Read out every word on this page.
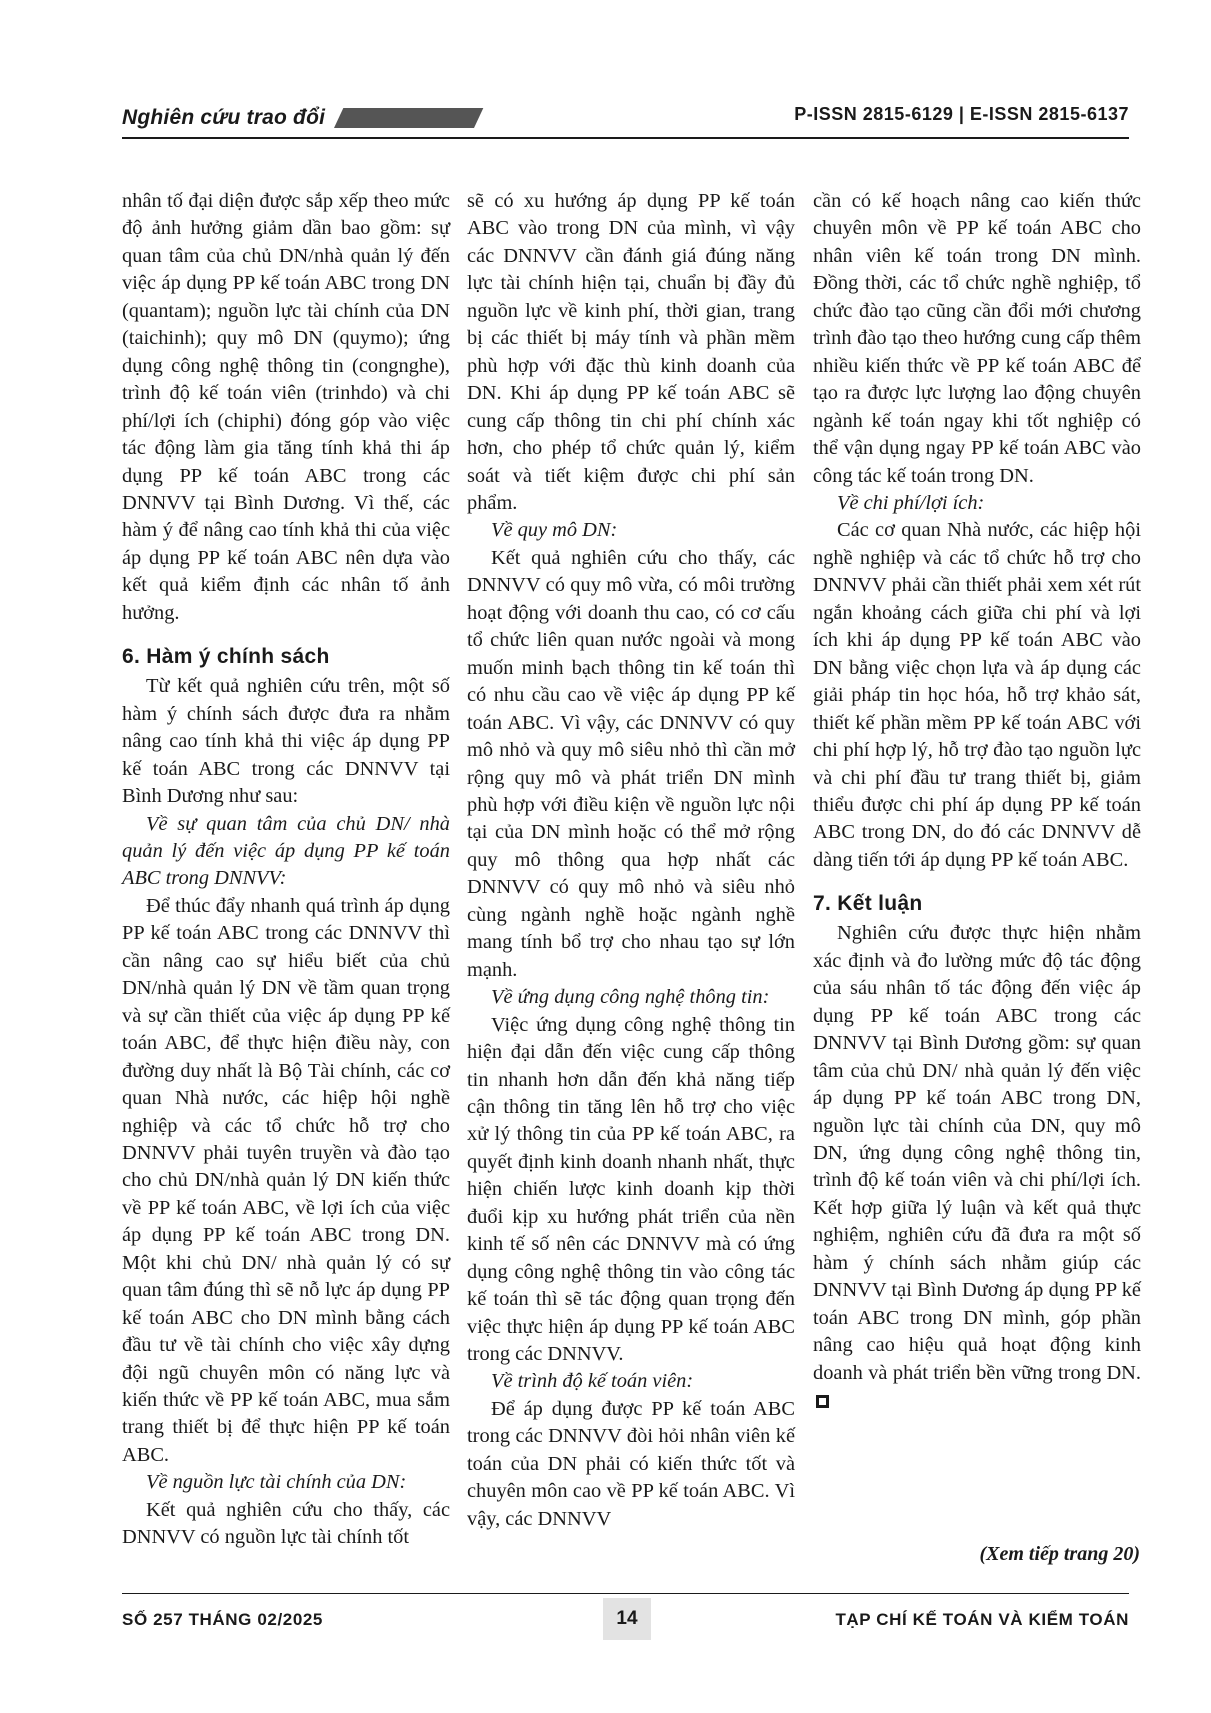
Nghiên cứu trao đổi	P-ISSN 2815-6129 | E-ISSN 2815-6137

nhân tố đại diện được sắp xếp theo mức độ ảnh hưởng giảm dần bao gồm: sự quan tâm của chủ DN/nhà quản lý đến việc áp dụng PP kế toán ABC trong DN (quantam); nguồn lực tài chính của DN (taichinh); quy mô DN (quymo); ứng dụng công nghệ thông tin (congnghe), trình độ kế toán viên (trinhdo) và chi phí/lợi ích (chiphi) đóng góp vào việc tác động làm gia tăng tính khả thi áp dụng PP kế toán ABC trong các DNNVV tại Bình Dương. Vì thế, các hàm ý để nâng cao tính khả thi của việc áp dụng PP kế toán ABC nên dựa vào kết quả kiểm định các nhân tố ảnh hưởng.

6. Hàm ý chính sách

Từ kết quả nghiên cứu trên, một số hàm ý chính sách được đưa ra nhằm nâng cao tính khả thi việc áp dụng PP kế toán ABC trong các DNNVV tại Bình Dương như sau:

Về sự quan tâm của chủ DN/ nhà quản lý đến việc áp dụng PP kế toán ABC trong DNNVV:

Để thúc đẩy nhanh quá trình áp dụng PP kế toán ABC trong các DNNVV thì cần nâng cao sự hiểu biết của chủ DN/nhà quản lý DN về tầm quan trọng và sự cần thiết của việc áp dụng PP kế toán ABC, để thực hiện điều này, con đường duy nhất là Bộ Tài chính, các cơ quan Nhà nước, các hiệp hội nghề nghiệp và các tổ chức hỗ trợ cho DNNVV phải tuyên truyền và đào tạo cho chủ DN/nhà quản lý DN kiến thức về PP kế toán ABC, về lợi ích của việc áp dụng PP kế toán ABC trong DN. Một khi chủ DN/ nhà quản lý có sự quan tâm đúng thì sẽ nỗ lực áp dụng PP kế toán ABC cho DN mình bằng cách đầu tư về tài chính cho việc xây dựng đội ngũ chuyên môn có năng lực và kiến thức về PP kế toán ABC, mua sắm trang thiết bị để thực hiện PP kế toán ABC.

Về nguồn lực tài chính của DN:

Kết quả nghiên cứu cho thấy, các DNNVV có nguồn lực tài chính tốt

sẽ có xu hướng áp dụng PP kế toán ABC vào trong DN của mình, vì vậy các DNNVV cần đánh giá đúng năng lực tài chính hiện tại, chuẩn bị đầy đủ nguồn lực về kinh phí, thời gian, trang bị các thiết bị máy tính và phần mềm phù hợp với đặc thù kinh doanh của DN. Khi áp dụng PP kế toán ABC sẽ cung cấp thông tin chi phí chính xác hơn, cho phép tổ chức quản lý, kiểm soát và tiết kiệm được chi phí sản phẩm.

Về quy mô DN:

Kết quả nghiên cứu cho thấy, các DNNVV có quy mô vừa, có môi trường hoạt động với doanh thu cao, có cơ cấu tổ chức liên quan nước ngoài và mong muốn minh bạch thông tin kế toán thì có nhu cầu cao về việc áp dụng PP kế toán ABC. Vì vậy, các DNNVV có quy mô nhỏ và quy mô siêu nhỏ thì cần mở rộng quy mô và phát triển DN mình phù hợp với điều kiện về nguồn lực nội tại của DN mình hoặc có thể mở rộng quy mô thông qua hợp nhất các DNNVV có quy mô nhỏ và siêu nhỏ cùng ngành nghề hoặc ngành nghề mang tính bổ trợ cho nhau tạo sự lớn mạnh.

Về ứng dụng công nghệ thông tin:

Việc ứng dụng công nghệ thông tin hiện đại dẫn đến việc cung cấp thông tin nhanh hơn dẫn đến khả năng tiếp cận thông tin tăng lên hỗ trợ cho việc xử lý thông tin của PP kế toán ABC, ra quyết định kinh doanh nhanh nhất, thực hiện chiến lược kinh doanh kịp thời đuổi kịp xu hướng phát triển của nền kinh tế số nên các DNNVV mà có ứng dụng công nghệ thông tin vào công tác kế toán thì sẽ tác động quan trọng đến việc thực hiện áp dụng PP kế toán ABC trong các DNNVV.

Về trình độ kế toán viên:

Để áp dụng được PP kế toán ABC trong các DNNVV đòi hỏi nhân viên kế toán của DN phải có kiến thức tốt và chuyên môn cao về PP kế toán ABC. Vì vậy, các DNNVV

cần có kế hoạch nâng cao kiến thức chuyên môn về PP kế toán ABC cho nhân viên kế toán trong DN mình. Đồng thời, các tổ chức nghề nghiệp, tổ chức đào tạo cũng cần đổi mới chương trình đào tạo theo hướng cung cấp thêm nhiều kiến thức về PP kế toán ABC để tạo ra được lực lượng lao động chuyên ngành kế toán ngay khi tốt nghiệp có thể vận dụng ngay PP kế toán ABC vào công tác kế toán trong DN.

Về chi phí/lợi ích:

Các cơ quan Nhà nước, các hiệp hội nghề nghiệp và các tổ chức hỗ trợ cho DNNVV phải cần thiết phải xem xét rút ngắn khoảng cách giữa chi phí và lợi ích khi áp dụng PP kế toán ABC vào DN bằng việc chọn lựa và áp dụng các giải pháp tin học hóa, hỗ trợ khảo sát, thiết kế phần mềm PP kế toán ABC với chi phí hợp lý, hỗ trợ đào tạo nguồn lực và chi phí đầu tư trang thiết bị, giảm thiểu được chi phí áp dụng PP kế toán ABC trong DN, do đó các DNNVV dễ dàng tiến tới áp dụng PP kế toán ABC.

7. Kết luận

Nghiên cứu được thực hiện nhằm xác định và đo lường mức độ tác động của sáu nhân tố tác động đến việc áp dụng PP kế toán ABC trong các DNNVV tại Bình Dương gồm: sự quan tâm của chủ DN/ nhà quản lý đến việc áp dụng PP kế toán ABC trong DN, nguồn lực tài chính của DN, quy mô DN, ứng dụng công nghệ thông tin, trình độ kế toán viên và chi phí/lợi ích. Kết hợp giữa lý luận và kết quả thực nghiệm, nghiên cứu đã đưa ra một số hàm ý chính sách nhằm giúp các DNNVV tại Bình Dương áp dụng PP kế toán ABC trong DN mình, góp phần nâng cao hiệu quả hoạt động kinh doanh và phát triển bền vững trong DN.

(Xem tiếp trang 20)
SỐ 257 THÁNG 02/2025	14	TẠP CHÍ KẾ TOÁN VÀ KIỂM TOÁN
